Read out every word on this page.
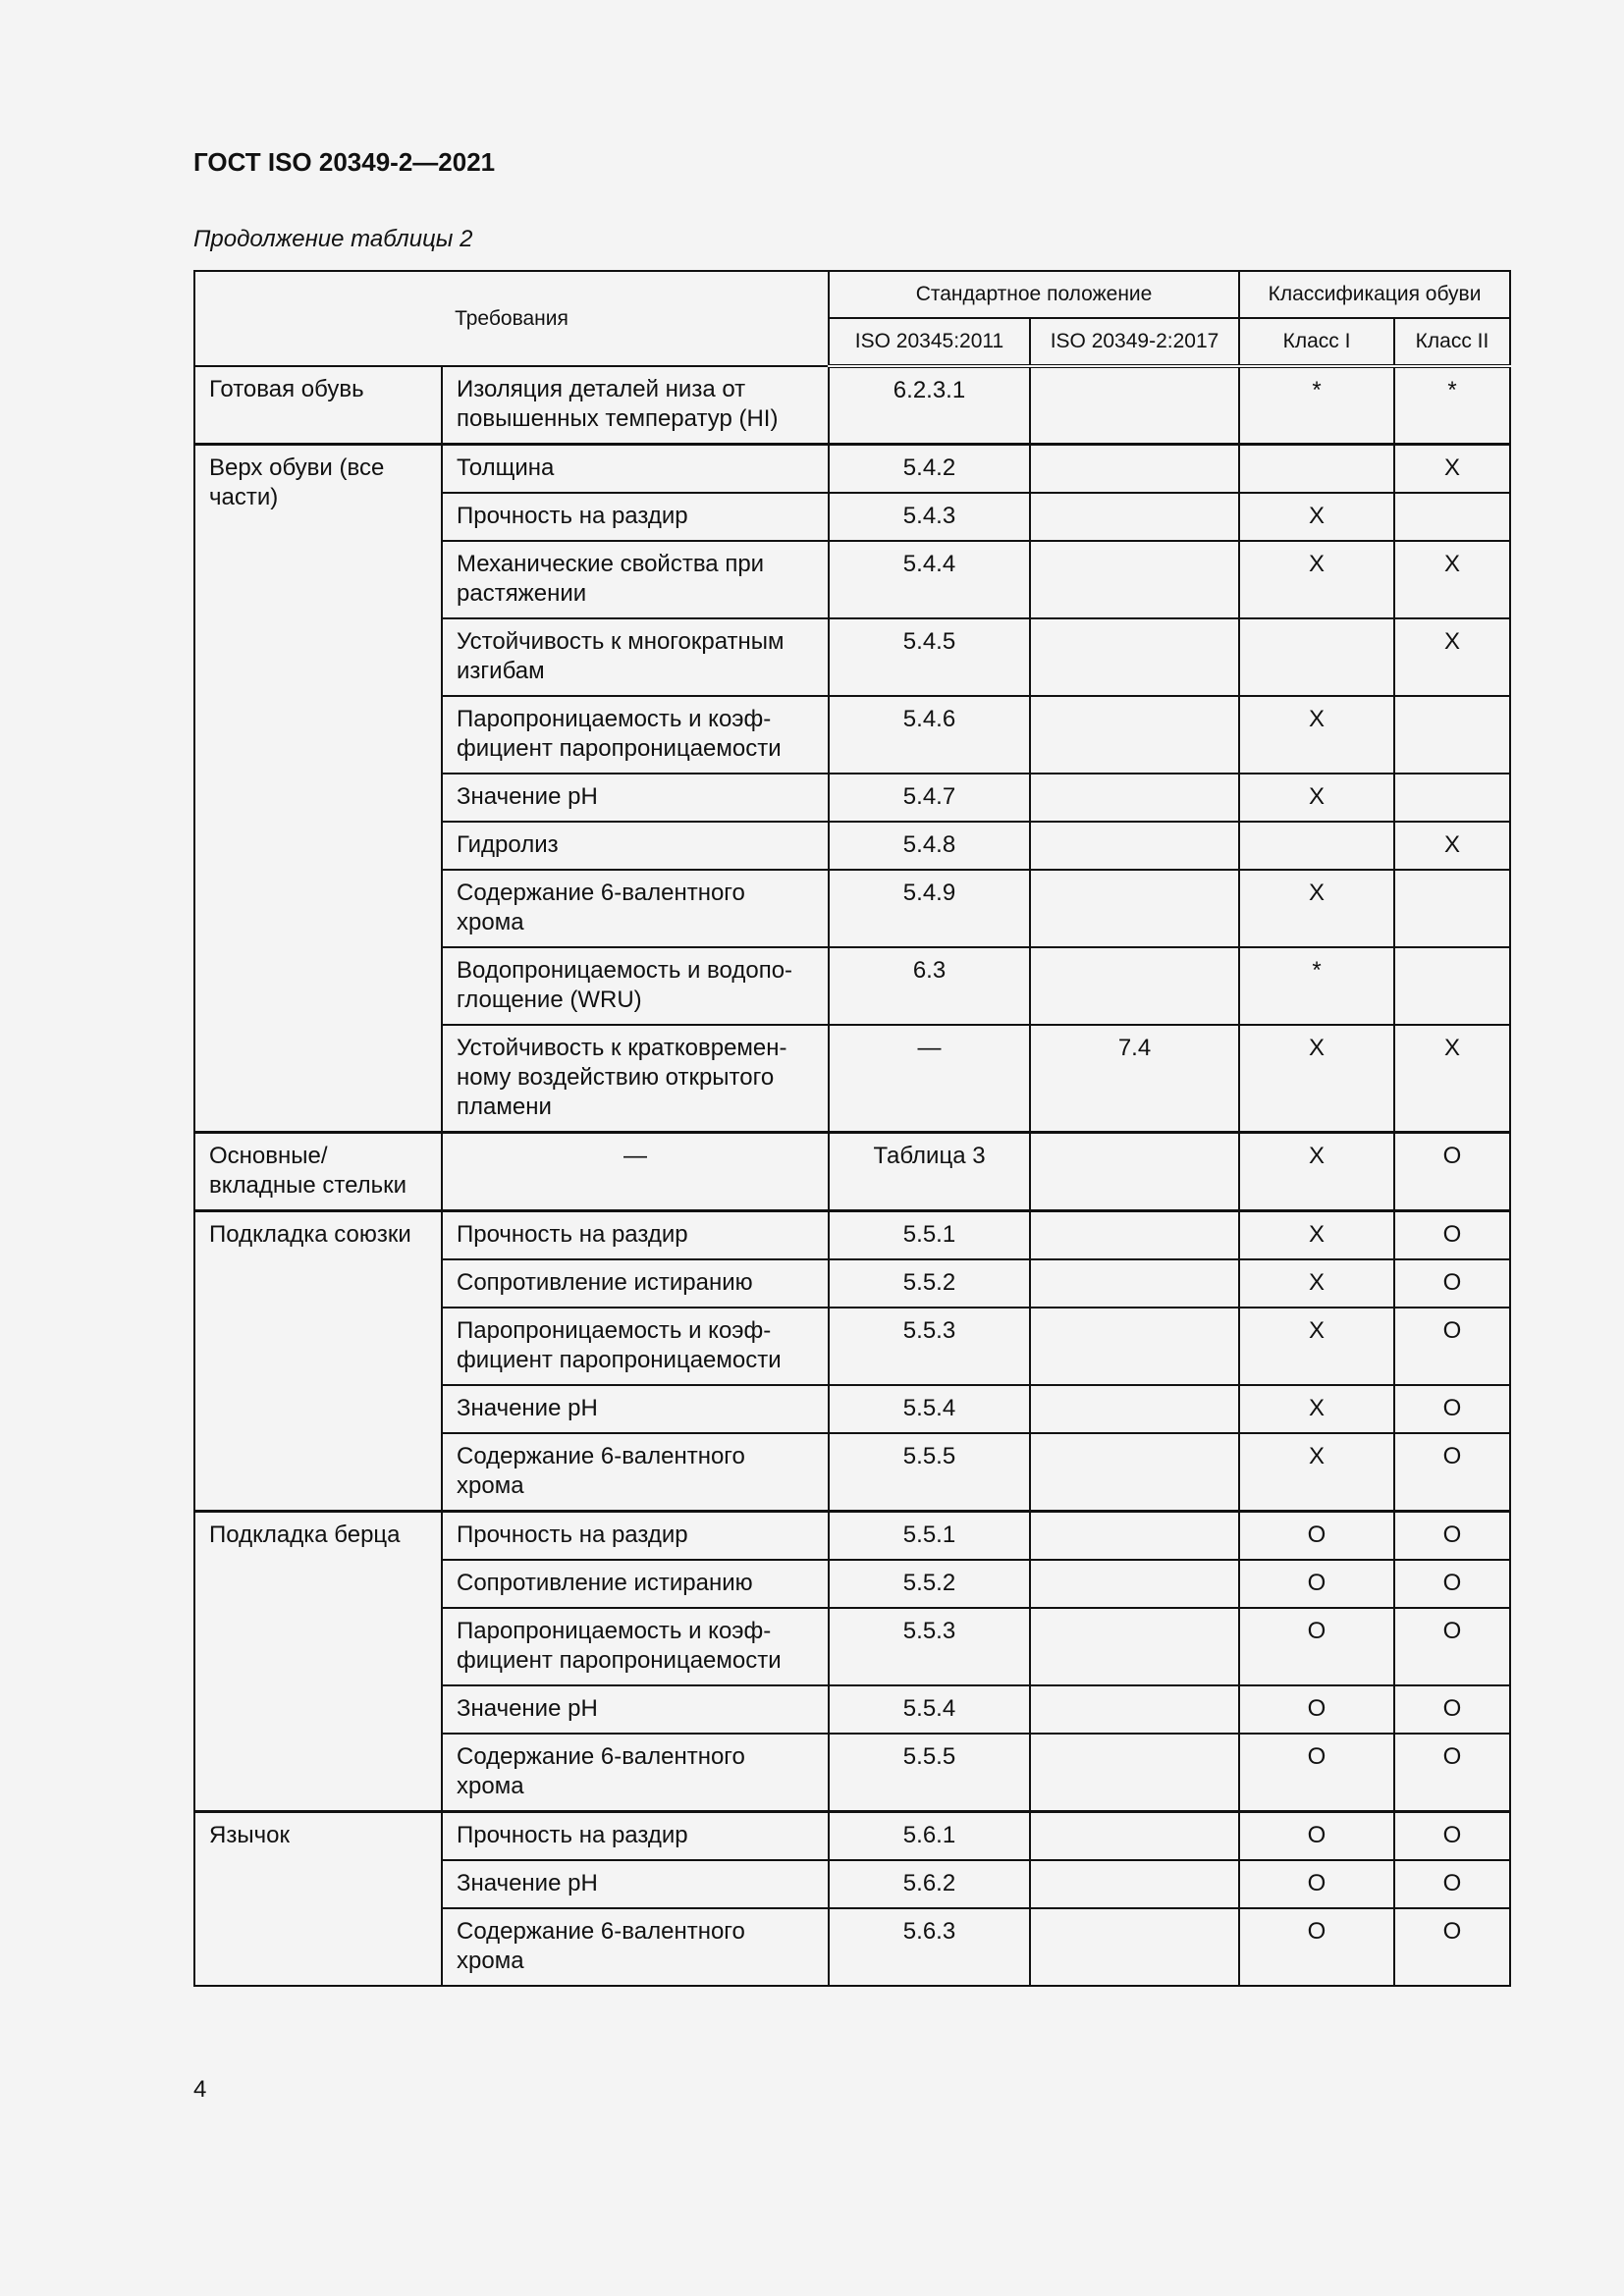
ГОСТ ISO 20349-2—2021

Продолжение таблицы 2

Требования		Стандартное положение		Классификация обуви	
		ISO 20345:2011	ISO 20349-2:2017	Класс I	Класс II
Готовая обувь	Изоляция деталей низа от повышенных температур (HI)	6.2.3.1		*	*
Верх обуви (все части)	Толщина	5.4.2			X
	Прочность на раздир	5.4.3		X	
	Механические свойства при растяжении	5.4.4		X	X
	Устойчивость к многократным изгибам	5.4.5			X
	Паропроницаемость и коэф-фициент паропроницаемости	5.4.6		X	
	Значение pH	5.4.7		X	
	Гидролиз	5.4.8			X
	Содержание 6-валентного хрома	5.4.9		X	
	Водопроницаемость и водопо-глощение (WRU)	6.3		*	
	Устойчивость к кратковремен-ному воздействию открытого пламени	—	7.4	X	X
Основные/ вкладные стельки	—	Таблица 3		X	O
Подкладка союзки	Прочность на раздир	5.5.1		X	O
	Сопротивление истиранию	5.5.2		X	O
	Паропроницаемость и коэф-фициент паропроницаемости	5.5.3		X	O
	Значение pH	5.5.4		X	O
	Содержание 6-валентного хрома	5.5.5		X	O
Подкладка берца	Прочность на раздир	5.5.1		O	O
	Сопротивление истиранию	5.5.2		O	O
	Паропроницаемость и коэф-фициент паропроницаемости	5.5.3		O	O
	Значение pH	5.5.4		O	O
	Содержание 6-валентного хрома	5.5.5		O	O
Язычок	Прочность на раздир	5.6.1		O	O
	Значение pH	5.6.2		O	O
	Содержание 6-валентного хрома	5.6.3		O	O
4
